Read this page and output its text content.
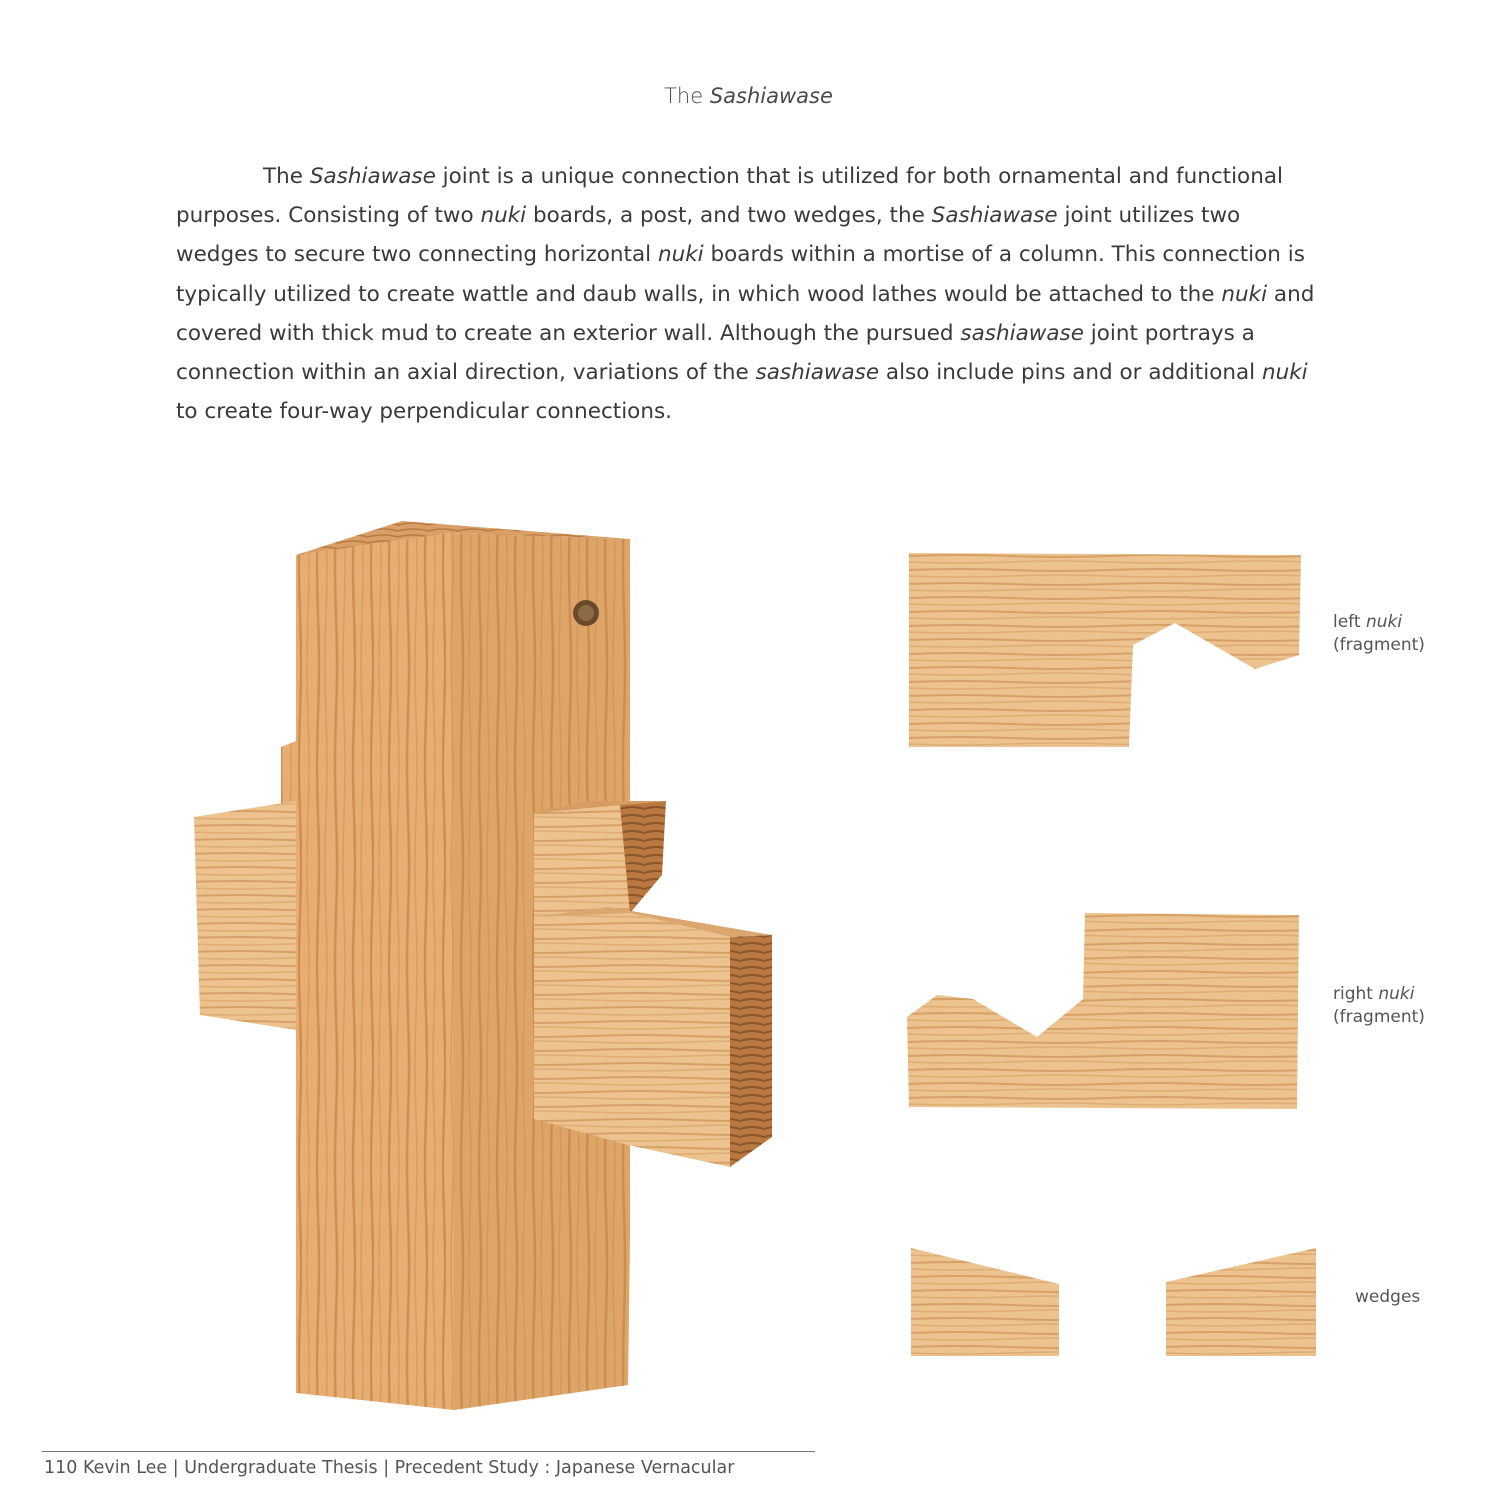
The Sashiawase

The Sashiawase joint is a unique connection that is utilized for both ornamental and functional purposes. Consisting of two nuki boards, a post, and two wedges, the Sashiawase joint utilizes two wedges to secure two connecting horizontal nuki boards within a mortise of a column. This connection is typically utilized to create wattle and daub walls, in which wood lathes would be attached to the nuki and covered with thick mud to create an exterior wall. Although the pursued sashiawase joint portrays a connection within an axial direction, variations of the sashiawase also include pins and or additional nuki to create four-way perpendicular connections.

left nuki
(fragment)
right nuki
(fragment)
wedges
110 Kevin Lee | Undergraduate Thesis | Precedent Study : Japanese Vernacular
